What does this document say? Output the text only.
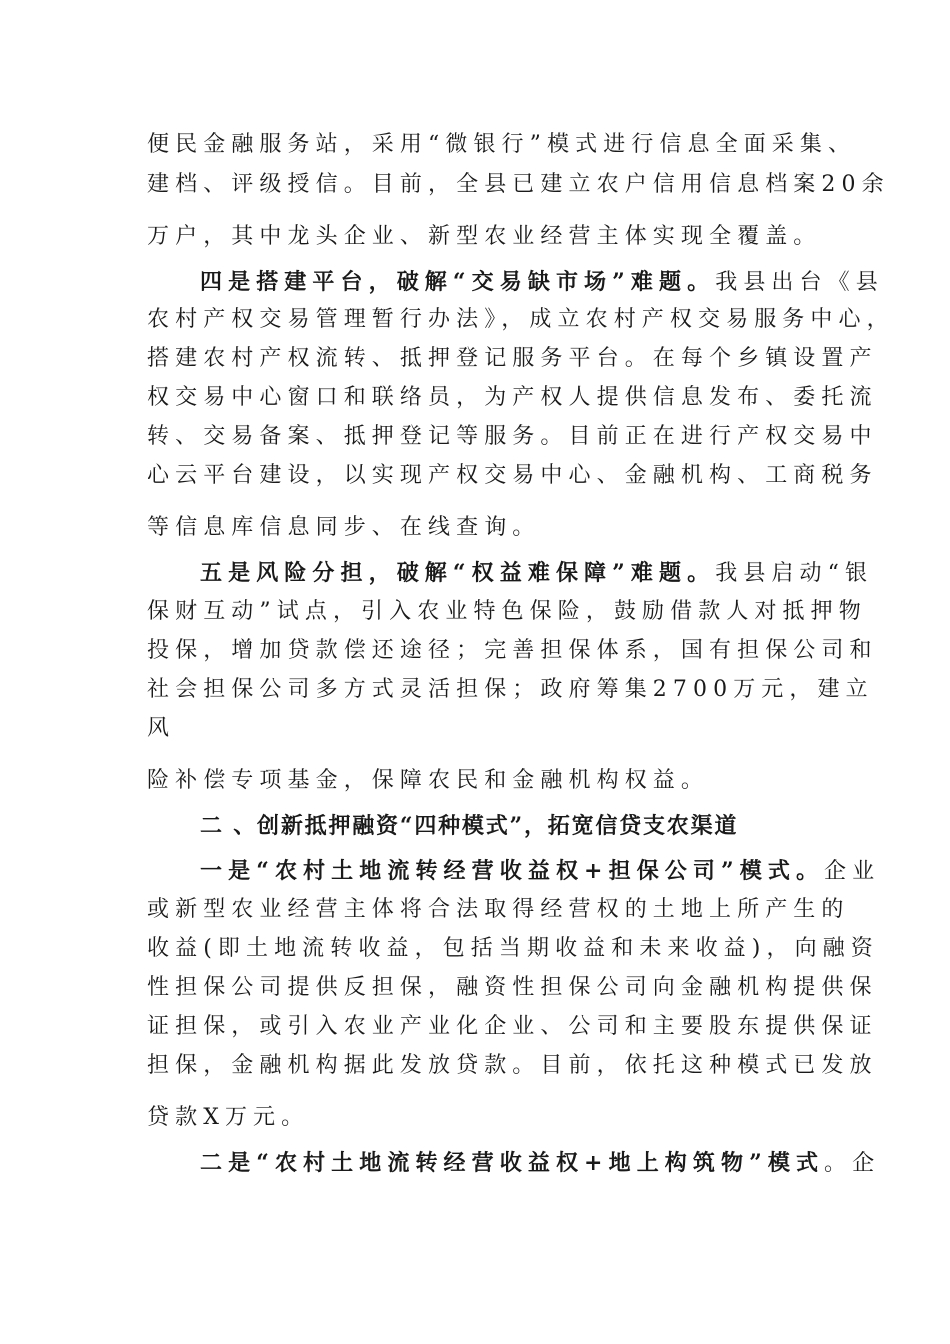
便民金融服务站，采用“微银行”模式进行信息全面采集、
建档、评级授信。目前，全县已建立农户信用信息档案20余
万户，其中龙头企业、新型农业经营主体实现全覆盖。
四是搭建平台，破解“交易缺市场”难题。我县出台《县
农村产权交易管理暂行办法》，成立农村产权交易服务中心，
搭建农村产权流转、抵押登记服务平台。在每个乡镇设置产
权交易中心窗口和联络员，为产权人提供信息发布、委托流
转、交易备案、抵押登记等服务。目前正在进行产权交易中
心云平台建设，以实现产权交易中心、金融机构、工商税务
等信息库信息同步、在线查询。
五是风险分担，破解“权益难保障”难题。我县启动“银
保财互动”试点，引入农业特色保险，鼓励借款人对抵押物
投保，增加贷款偿还途径；完善担保体系，国有担保公司和
社会担保公司多方式灵活担保；政府筹集2700万元，建立
风
险补偿专项基金，保障农民和金融机构权益。
二 、创新抵押融资“四种模式”，拓宽信贷支农渠道
一是“农村土地流转经营收益权+担保公司”模式。企业
或新型农业经营主体将合法取得经营权的土地上所产生的
收益(即土地流转收益，包括当期收益和未来收益)，向融资
性担保公司提供反担保，融资性担保公司向金融机构提供保
证担保，或引入农业产业化企业、公司和主要股东提供保证
担保，金融机构据此发放贷款。目前，依托这种模式已发放
贷款X万元。
二是“农村土地流转经营收益权+地上构筑物”模式。企
